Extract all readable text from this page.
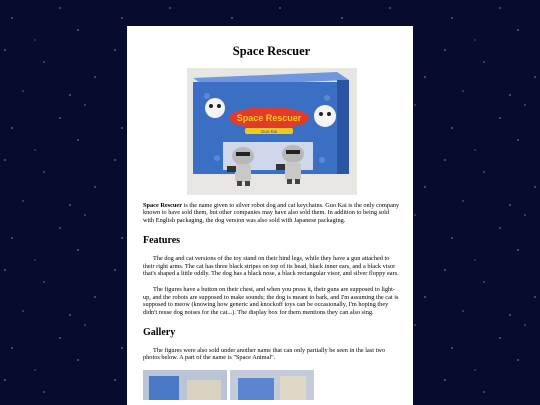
Space Rescuer
Space Rescuer
Guo Kai

Space Rescuer is the name given to silver robot dog and cat keychains. Guo Kai is the only company known to have sold them, but other companies may have also sold them. In addition to being sold with English packaging, the dog version was also sold with Japanese packaging.

Features

The dog and cat versions of the toy stand on their hind legs, while they have a gun attached to their right arms. The cat has three black stripes on top of its head, black inner ears, and a black visor that's shaped a little oddly. The dog has a black nose, a black rectangular visor, and silver floppy ears.

The figures have a button on their chest, and when you press it, their guns are supposed to light-up, and the robots are supposed to make sounds; the dog is meant to bark, and I'm assuming the cat is supposed to meow (knowing how generic and knockoff toys can be occasionally, I'm hoping they didn't reuse dog noises for the cat...). The display box for them mentions they can also sing.

Gallery

The figures were also sold under another name that can only partially be seen in the last two photos below. A part of the name is "Space Animal".
